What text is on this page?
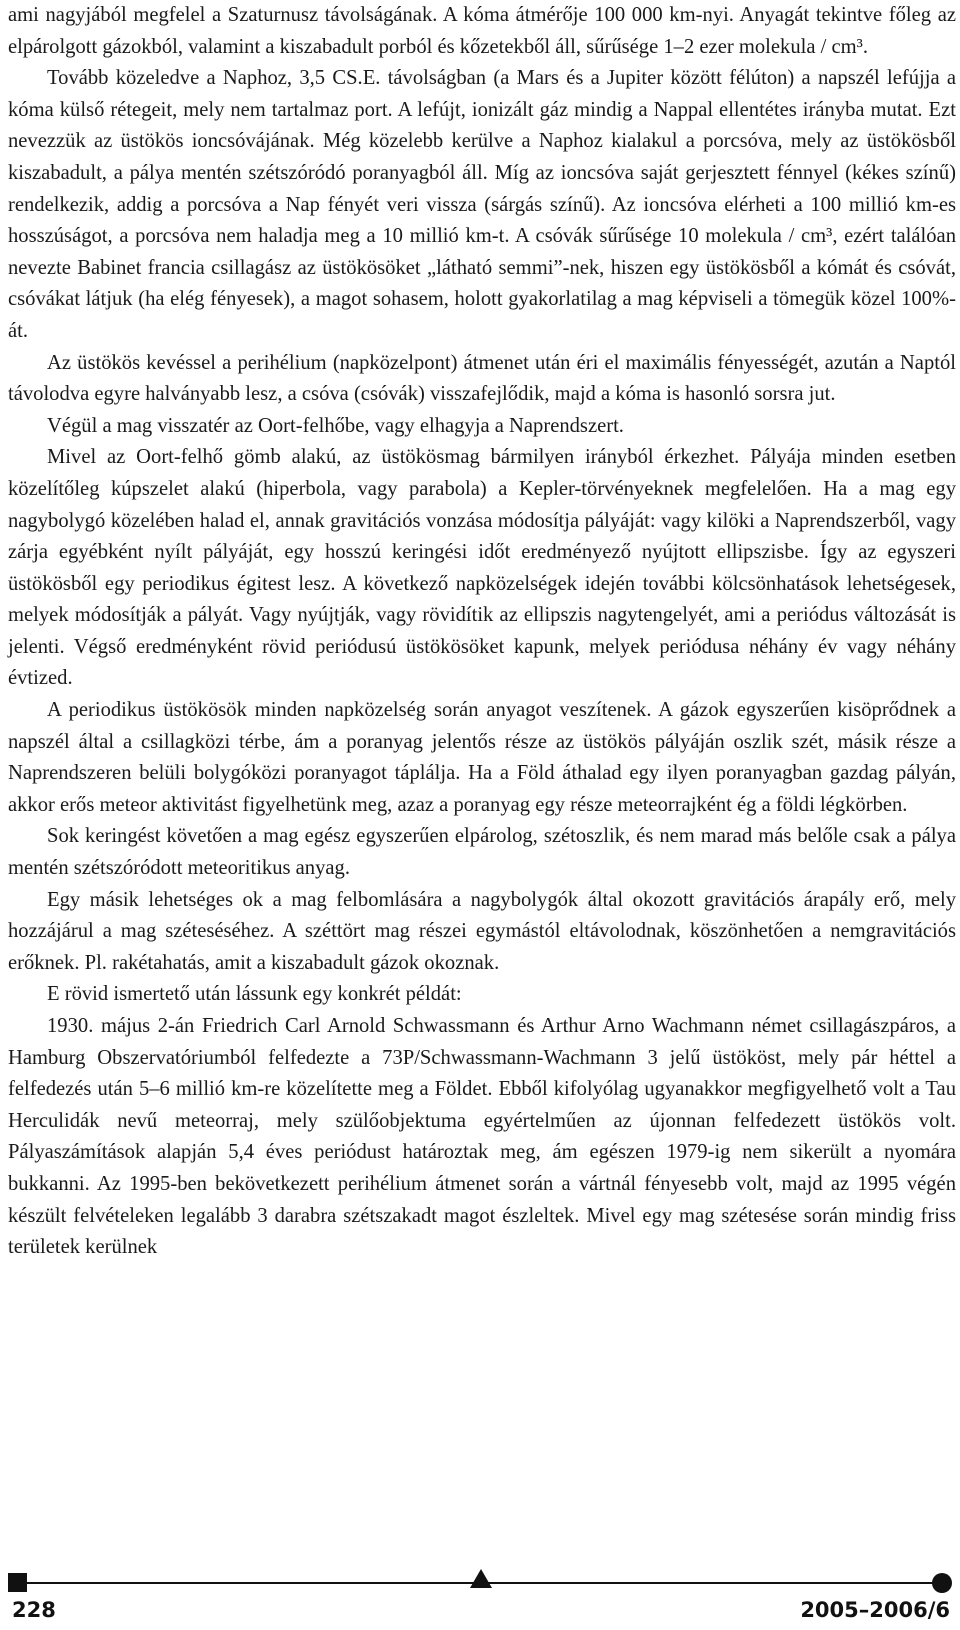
ami nagyjából megfelel a Szaturnusz távolságának. A kóma átmérője 100 000 km-nyi. Anyagát tekintve főleg az elpárolgott gázokból, valamint a kiszabadult porból és kőzetekből áll, sűrűsége 1–2 ezer molekula / cm³.

Tovább közeledve a Naphoz, 3,5 CS.E. távolságban (a Mars és a Jupiter között félúton) a napszél lefújja a kóma külső rétegeit, mely nem tartalmaz port. A lefújt, ionizált gáz mindig a Nappal ellentétes irányba mutat. Ezt nevezzük az üstökös ioncsóvájának. Még közelebb kerülve a Naphoz kialakul a porcsóva, mely az üstökösből kiszabadult, a pálya mentén szétszóródó poranyagból áll. Míg az ioncsóva saját gerjesztett fénnyel (kékes színű) rendelkezik, addig a porcsóva a Nap fényét veri vissza (sárgás színű). Az ioncsóva elérheti a 100 millió km-es hosszúságot, a porcsóva nem haladja meg a 10 millió km-t. A csóvák sűrűsége 10 molekula / cm³, ezért találóan nevezte Babinet francia csillagász az üstökösöket „látható semmi”-nek, hiszen egy üstökösből a kómát és csóvát, csóvákat látjuk (ha elég fényesek), a magot sohasem, holott gyakorlatilag a mag képviseli a tömegük közel 100%-át.

Az üstökös kevéssel a perihélium (napközelpont) átmenet után éri el maximális fényességét, azután a Naptól távolodva egyre halványabb lesz, a csóva (csóvák) visszafejlődik, majd a kóma is hasonló sorsra jut.

Végül a mag visszatér az Oort-felhőbe, vagy elhagyja a Naprendszert.

Mivel az Oort-felhő gömb alakú, az üstökösmag bármilyen irányból érkezhet. Pályája minden esetben közelítőleg kúpszelet alakú (hiperbola, vagy parabola) a Kepler-törvényeknek megfelelően. Ha a mag egy nagybolygó közelében halad el, annak gravitációs vonzása módosítja pályáját: vagy kilöki a Naprendszerből, vagy zárja egyébként nyílt pályáját, egy hosszú keringési időt eredményező nyújtott ellipszisbe. Így az egyszeri üstökösből egy periodikus égitest lesz. A következő napközelségek idején további kölcsönhatások lehetségesek, melyek módosítják a pályát. Vagy nyújtják, vagy rövidítik az ellipszis nagytengelyét, ami a periódus változását is jelenti. Végső eredményként rövid periódusú üstökösöket kapunk, melyek periódusa néhány év vagy néhány évtized.

A periodikus üstökösök minden napközelség során anyagot veszítenek. A gázok egyszerűen kisöprődnek a napszél által a csillagközi térbe, ám a poranyag jelentős része az üstökös pályáján oszlik szét, másik része a Naprendszeren belüli bolygóközi poranyagot táplálja. Ha a Föld áthalad egy ilyen poranyagban gazdag pályán, akkor erős meteor aktivitást figyelhetünk meg, azaz a poranyag egy része meteorrajként ég a földi légkörben.

Sok keringést követően a mag egész egyszerűen elpárolog, szétoszlik, és nem marad más belőle csak a pálya mentén szétszóródott meteoritikus anyag.

Egy másik lehetséges ok a mag felbomlására a nagybolygók által okozott gravitációs árapály erő, mely hozzájárul a mag széteséséhez. A széttört mag részei egymástól eltávolodnak, köszönhetően a nemgravitációs erőknek. Pl. rakétahatás, amit a kiszabadult gázok okoznak.

E rövid ismertető után lássunk egy konkrét példát:

1930. május 2-án Friedrich Carl Arnold Schwassmann és Arthur Arno Wachmann német csillagászpáros, a Hamburg Obszervatóriumból felfedezte a 73P/Schwassmann-Wachmann 3 jelű üstököst, mely pár héttel a felfedezés után 5–6 millió km-re közelítette meg a Földet. Ebből kifolyólag ugyanakkor megfigyelhető volt a Tau Herculidák nevű meteorraj, mely szülőobjektuma egyértelműen az újonnan felfedezett üstökös volt. Pályaszámítások alapján 5,4 éves periódust határoztak meg, ám egészen 1979-ig nem sikerült a nyomára bukkanni. Az 1995-ben bekövetkezett perihélium átmenet során a vártnál fényesebb volt, majd az 1995 végén készült felvételeken legalább 3 darabra szétszakadt magot észleltek. Mivel egy mag szétesése során mindig friss területek kerülnek

228	2005–2006/6
